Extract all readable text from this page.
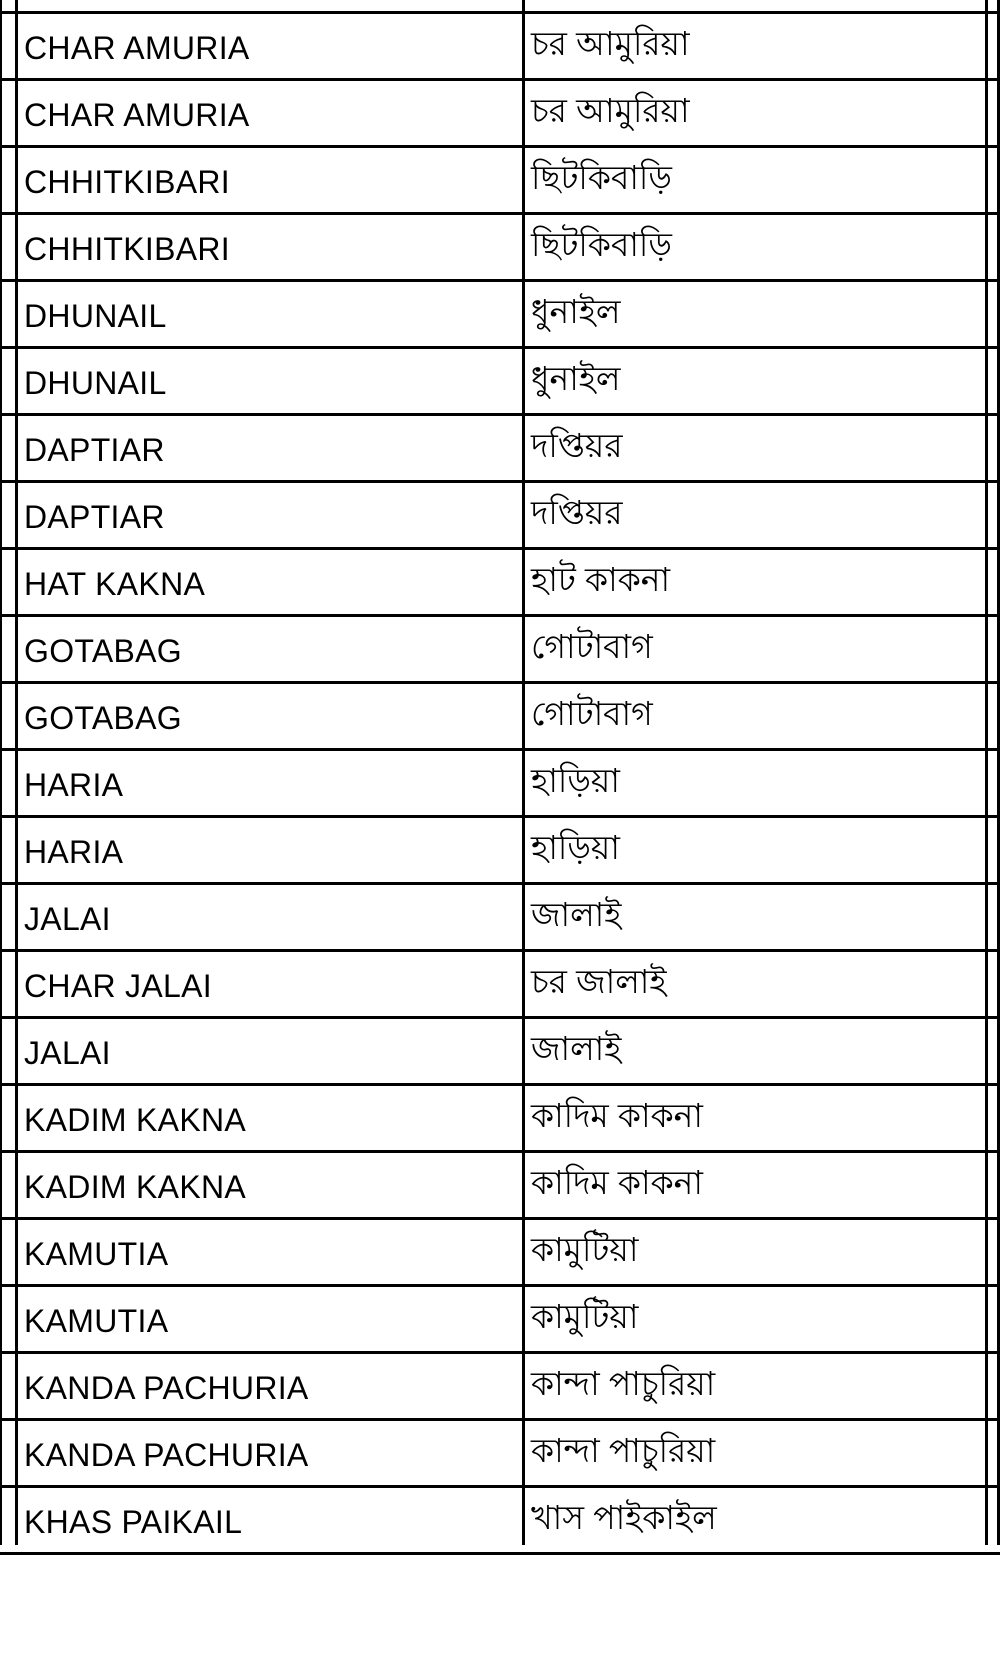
CHAR AMURIA	চর আমুরিয়া
CHAR AMURIA	চর আমুরিয়া
CHHITKIBARI	ছিটকিবাড়ি
CHHITKIBARI	ছিটকিবাড়ি
DHUNAIL	ধুনাইল
DHUNAIL	ধুনাইল
DAPTIAR	দপ্তিয়র
DAPTIAR	দপ্তিয়র
HAT KAKNA	হাট কাকনা
GOTABAG	গোটাবাগ
GOTABAG	গোটাবাগ
HARIA	হাড়িয়া
HARIA	হাড়িয়া
JALAI	জালাই
CHAR JALAI	চর জালাই
JALAI	জালাই
KADIM KAKNA	কাদিম কাকনা
KADIM KAKNA	কাদিম কাকনা
KAMUTIA	কামুটিয়া
KAMUTIA	কামুটিয়া
KANDA PACHURIA	কান্দা পাচুরিয়া
KANDA PACHURIA	কান্দা পাচুরিয়া
KHAS PAIKAIL	খাস পাইকাইল
